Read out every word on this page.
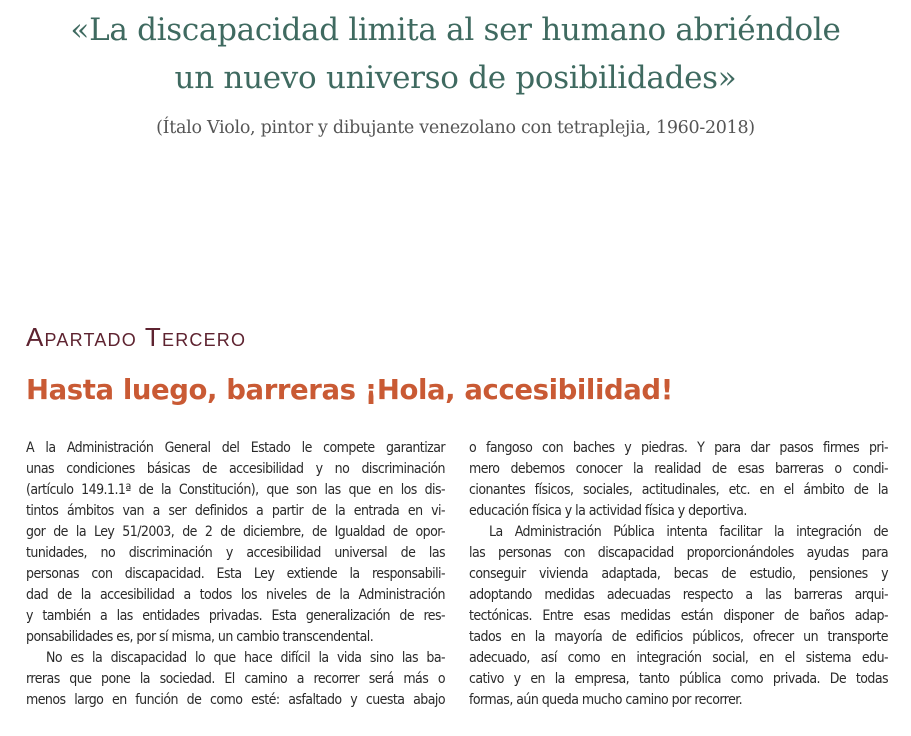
«La discapacidad limita al ser humano abriéndole
un nuevo universo de posibilidades»
(Ítalo Violo, pintor y dibujante venezolano con tetraplejia, 1960-2018)
Apartado Tercero
Hasta luego, barreras ¡Hola, accesibilidad!
A la Administración General del Estado le compete garantizar
unas condiciones básicas de accesibilidad y no discriminación
(artículo 149.1.1ª de la Constitución), que son las que en los dis-
tintos ámbitos van a ser definidos a partir de la entrada en vi-
gor de la Ley 51/2003, de 2 de diciembre, de Igualdad de opor-
tunidades, no discriminación y accesibilidad universal de las
personas con discapacidad. Esta Ley extiende la responsabili-
dad de la accesibilidad a todos los niveles de la Administración
y también a las entidades privadas. Esta generalización de res-
ponsabilidades es, por sí misma, un cambio transcendental.
No es la discapacidad lo que hace difícil la vida sino las ba-
rreras que pone la sociedad. El camino a recorrer será más o
menos largo en función de como esté: asfaltado y cuesta abajo
o fangoso con baches y piedras. Y para dar pasos firmes pri-
mero debemos conocer la realidad de esas barreras o condi-
cionantes físicos, sociales, actitudinales, etc. en el ámbito de la
educación física y la actividad física y deportiva.
La Administración Pública intenta facilitar la integración de
las personas con discapacidad proporcionándoles ayudas para
conseguir vivienda adaptada, becas de estudio, pensiones y
adoptando medidas adecuadas respecto a las barreras arqui-
tectónicas. Entre esas medidas están disponer de baños adap-
tados en la mayoría de edificios públicos, ofrecer un transporte
adecuado, así como en integración social, en el sistema edu-
cativo y en la empresa, tanto pública como privada. De todas
formas, aún queda mucho camino por recorrer.
